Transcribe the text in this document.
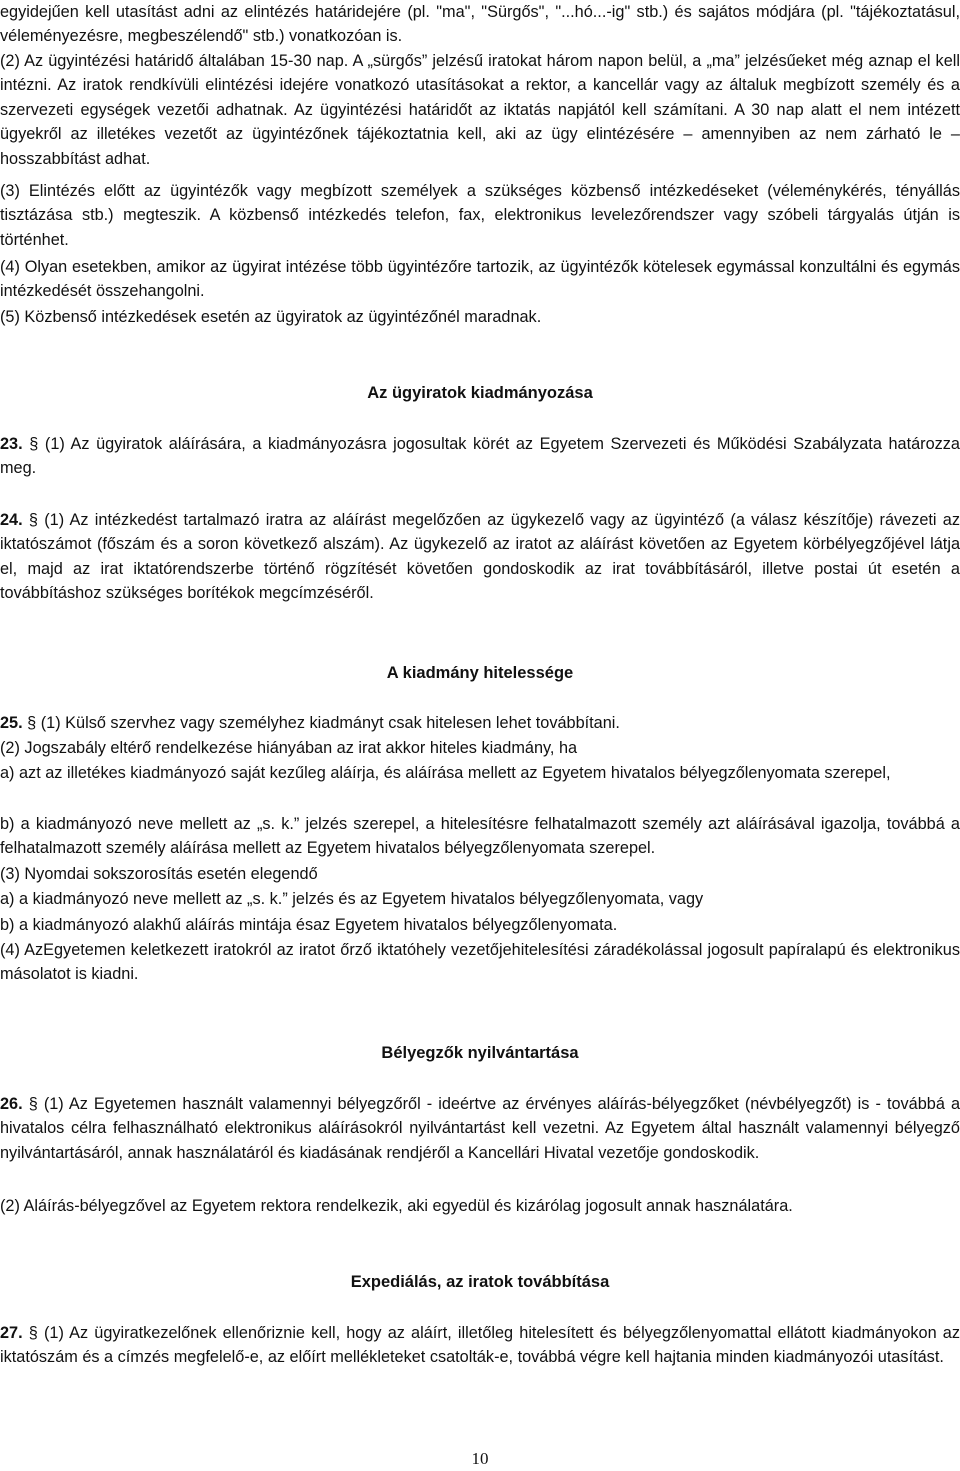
egyidejűen kell utasítást adni az elintézés határidejére (pl. "ma", "Sürgős", "...hó...-ig" stb.) és sajátos módjára (pl. "tájékoztatásul, véleményezésre, megbeszélendő" stb.) vonatkozóan is.

(2) Az ügyintézési határidő általában 15-30 nap. A „sürgős” jelzésű iratokat három napon belül, a „ma” jelzésűeket még aznap el kell intézni. Az iratok rendkívüli elintézési idejére vonatkozó utasításokat a rektor, a kancellár vagy az általuk megbízott személy és a szervezeti egységek vezetői adhatnak. Az ügyintézési határidőt az iktatás napjától kell számítani. A 30 nap alatt el nem intézett ügyekről az illetékes vezetőt az ügyintézőnek tájékoztatnia kell, aki az ügy elintézésére – amennyiben az nem zárható le – hosszabbítást adhat.

(3) Elintézés előtt az ügyintézők vagy megbízott személyek a szükséges közbenső intézkedéseket (véleménykérés, tényállás tisztázása stb.) megteszik. A közbenső intézkedés telefon, fax, elektronikus levelezőrendszer vagy szóbeli tárgyalás útján is történhet.

(4) Olyan esetekben, amikor az ügyirat intézése több ügyintézőre tartozik, az ügyintézők kötelesek egymással konzultálni és egymás intézkedését összehangolni.

(5) Közbenső intézkedések esetén az ügyiratok az ügyintézőnél maradnak.

Az ügyiratok kiadmányozása

23. § (1) Az ügyiratok aláírására, a kiadmányozásra jogosultak körét az Egyetem Szervezeti és Működési Szabályzata határozza meg.

24. § (1) Az intézkedést tartalmazó iratra az aláírást megelőzően az ügykezelő vagy az ügyintéző (a válasz készítője) rávezeti az iktatószámot (főszám és a soron következő alszám). Az ügykezelő az iratot az aláírást követően az Egyetem körbélyegzőjével látja el, majd az irat iktatórendszerbe történő rögzítését követően gondoskodik az irat továbbításáról, illetve postai út esetén a továbbításhoz szükséges borítékok megcímzéséről.

A kiadmány hitelessége

25. § (1) Külső szervhez vagy személyhez kiadmányt csak hitelesen lehet továbbítani.

(2) Jogszabály eltérő rendelkezése hiányában az irat akkor hiteles kiadmány, ha

a) azt az illetékes kiadmányozó saját kezűleg aláírja, és aláírása mellett az Egyetem hivatalos bélyegzőlenyomata szerepel,

b) a kiadmányozó neve mellett az „s. k.” jelzés szerepel, a hitelesítésre felhatalmazott személy azt aláírásával igazolja, továbbá a felhatalmazott személy aláírása mellett az Egyetem hivatalos bélyegzőlenyomata szerepel.

(3) Nyomdai sokszorosítás esetén elegendő

a) a kiadmányozó neve mellett az „s. k.” jelzés és az Egyetem hivatalos bélyegzőlenyomata, vagy

b) a kiadmányozó alakhű aláírás mintája ésaz Egyetem hivatalos bélyegzőlenyomata.

(4) AzEgyetemen keletkezett iratokról az iratot őrző iktatóhely vezetőjehitelesítési záradékolással jogosult papíralapú és elektronikus másolatot is kiadni.

Bélyegzők nyilvántartása

26. § (1) Az Egyetemen használt valamennyi bélyegzőről - ideértve az érvényes aláírás-bélyegzőket (névbélyegzőt) is - továbbá a hivatalos célra felhasználható elektronikus aláírásokról nyilvántartást kell vezetni. Az Egyetem által használt valamennyi bélyegző nyilvántartásáról, annak használatáról és kiadásának rendjéről a Kancellári Hivatal vezetője gondoskodik.

(2) Aláírás-bélyegzővel az Egyetem rektora rendelkezik, aki egyedül és kizárólag jogosult annak használatára.

Expediálás, az iratok továbbítása

27. § (1) Az ügyiratkezelőnek ellenőriznie kell, hogy az aláírt, illetőleg hitelesített és bélyegzőlenyomattal ellátott kiadmányokon az iktatószám és a címzés megfelelő-e, az előírt mellékleteket csatolták-e, továbbá végre kell hajtania minden kiadmányozói utasítást.

10
